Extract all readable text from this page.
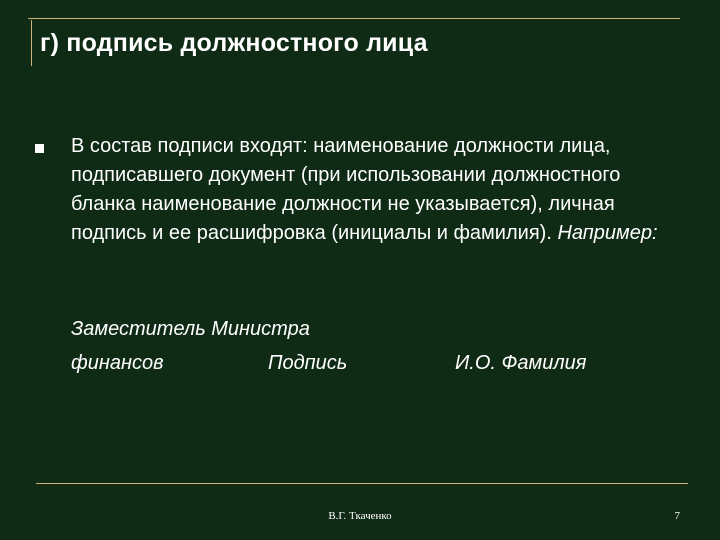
г) подпись должностного лица
В состав подписи входят: наименование должности лица, подписавшего документ (при использовании должностного бланка наименование должности не указывается), личная подпись и ее расшифровка (инициалы и фамилия). Например:
Заместитель Министра
финансов	Подпись	И.О. Фамилия
В.Г. Ткаченко	7
